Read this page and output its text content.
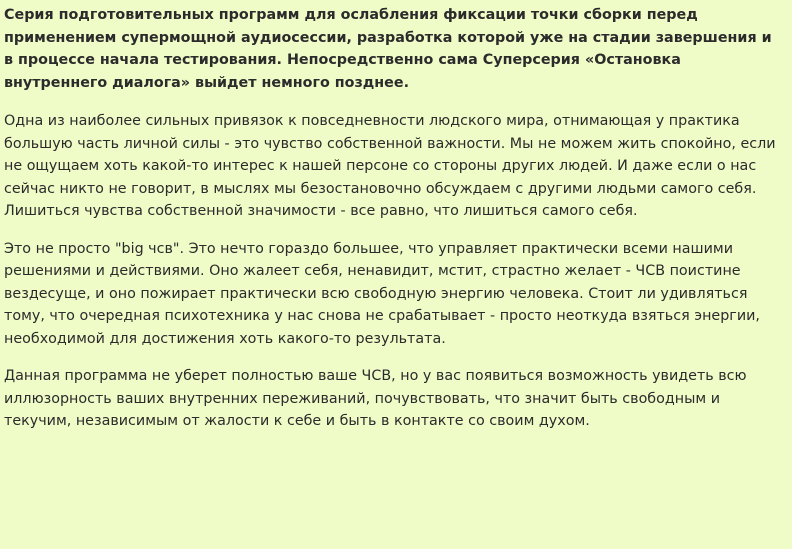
Серия подготовительных программ для ослабления фиксации точки сборки перед применением супермощной аудиосессии, разработка которой уже на стадии завершения и в процессе начала тестирования. Непосредственно сама Суперсерия «Остановка внутреннего диалога» выйдет немного позднее.

Одна из наиболее сильных привязок к повседневности людского мира, отнимающая у практика большую часть личной силы - это чувство собственной важности. Мы не можем жить спокойно, если не ощущаем хоть какой-то интерес к нашей персоне со стороны других людей. И даже если о нас сейчас никто не говорит, в мыслях мы безостановочно обсуждаем с другими людьми самого себя. Лишиться чувства собственной значимости - все равно, что лишиться самого себя.

Это не просто "big чсв". Это нечто гораздо большее, что управляет практически всеми нашими решениями и действиями. Оно жалеет себя, ненавидит, мстит, страстно желает - ЧСВ поистине вездесуще, и оно пожирает практически всю свободную энергию человека. Стоит ли удивляться тому, что очередная психотехника у нас снова не срабатывает - просто неоткуда взяться энергии, необходимой для достижения хоть какого-то результата.

Данная программа не уберет полностью ваше ЧСВ, но у вас появиться возможность увидеть всю иллюзорность ваших внутренних переживаний, почувствовать, что значит быть свободным и текучим, независимым от жалости к себе и быть в контакте со своим духом.
